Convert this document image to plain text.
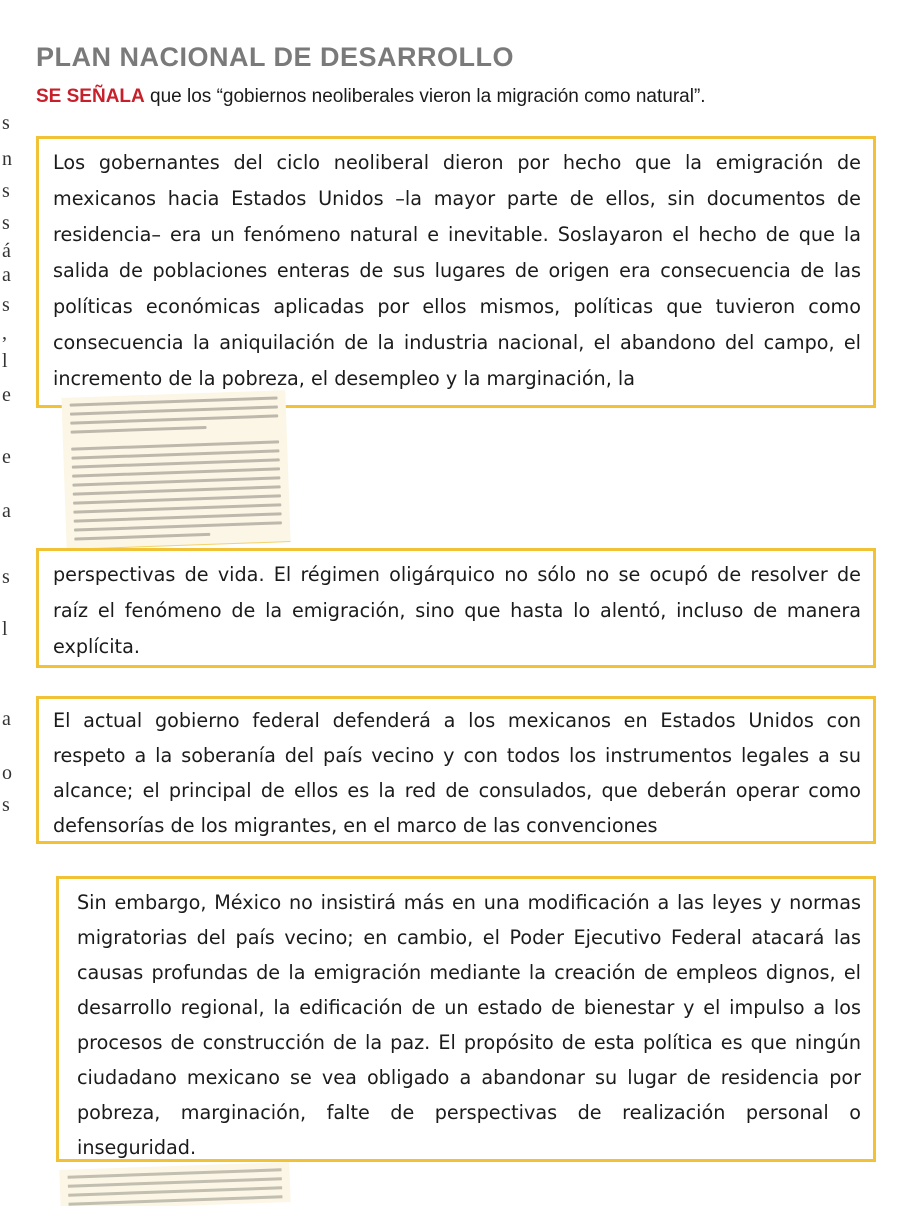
s
n
s
s
á
a
s
,
l
e
e
a
s
l
a
o
s
PLAN NACIONAL DE DESARROLLO
SE SEÑALA que los “gobiernos neoliberales vieron la migración como natural”.

Los gobernantes del ciclo neoliberal dieron por hecho que la emigración de mexicanos hacia Estados Unidos –la mayor parte de ellos, sin documentos de residencia– era un fenómeno natural e inevitable. Soslayaron el hecho de que la salida de poblaciones enteras de sus lugares de origen era consecuencia de las políticas económicas aplicadas por ellos mismos, políticas que tuvieron como consecuencia la aniquilación de la industria nacional, el abandono del campo, el incremento de la pobreza, el desempleo y la marginación, la

perspectivas de vida. El régimen oligárquico no sólo no se ocupó de resolver de raíz el fenómeno de la emigración, sino que hasta lo alentó, incluso de manera explícita.

El actual gobierno federal defenderá a los mexicanos en Estados Unidos con respeto a la soberanía del país vecino y con todos los instrumentos legales a su alcance; el principal de ellos es la red de consulados, que deberán operar como defensorías de los migrantes, en el marco de las convenciones

Sin embargo, México no insistirá más en una modificación a las leyes y normas migratorias del país vecino; en cambio, el Poder Ejecutivo Federal atacará las causas profundas de la emigración mediante la creación de empleos dignos, el desarrollo regional, la edificación de un estado de bienestar y el impulso a los procesos de construcción de la paz. El propósito de esta política es que ningún ciudadano mexicano se vea obligado a abandonar su lugar de residencia por pobreza, marginación, falte de perspectivas de realización personal o inseguridad.
